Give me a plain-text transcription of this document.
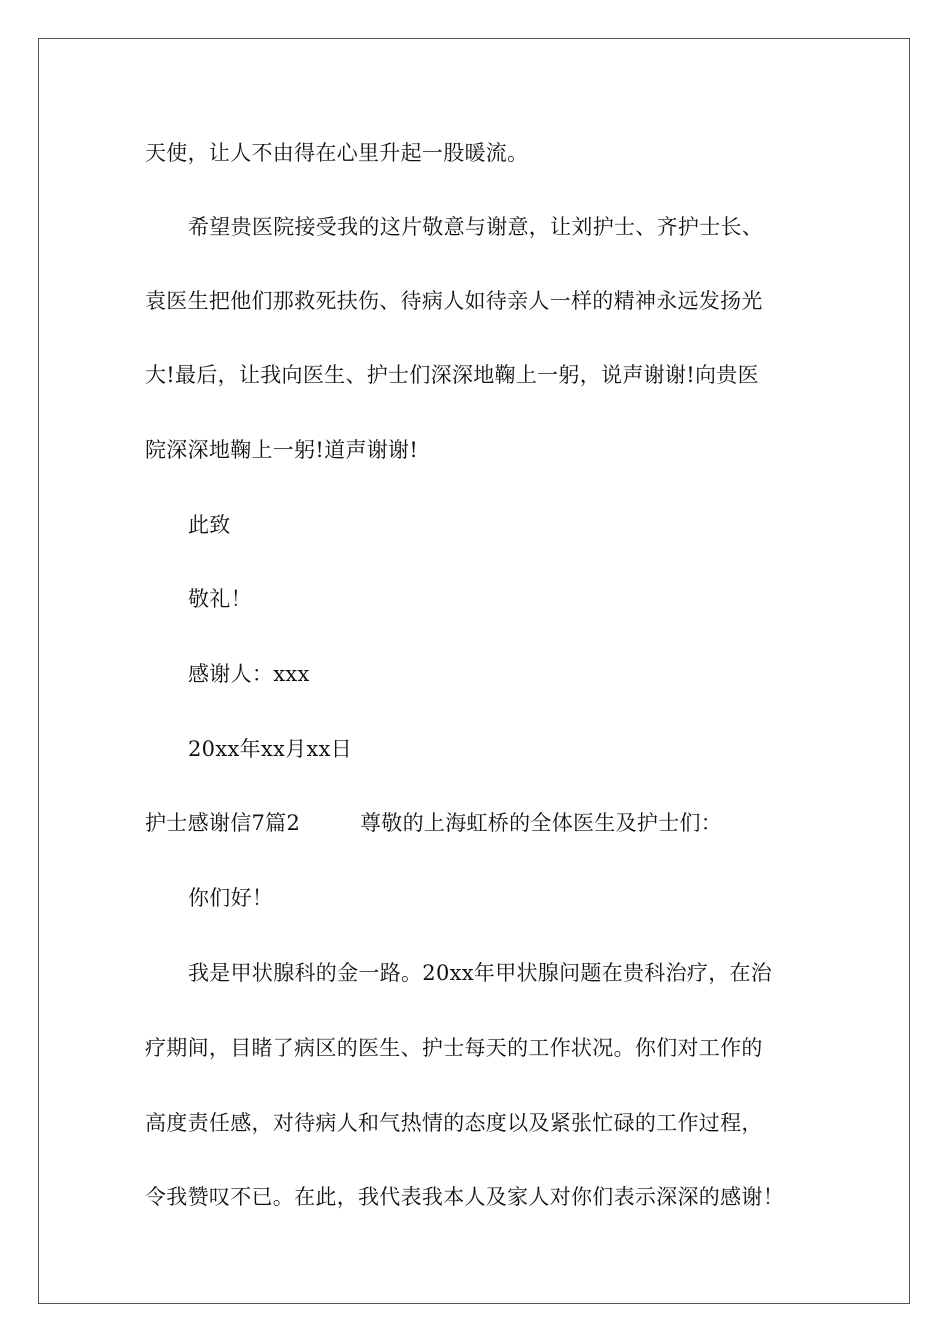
天使，让人不由得在心里升起一股暖流。
希望贵医院接受我的这片敬意与谢意，让刘护士、齐护士长、
袁医生把他们那救死扶伤、待病人如待亲人一样的精神永远发扬光
大!最后，让我向医生、护士们深深地鞠上一躬，说声谢谢!向贵医
院深深地鞠上一躬!道声谢谢!
此致
敬礼！
感谢人：xxx
20xx年xx月xx日
护士感谢信7篇2	尊敬的上海虹桥的全体医生及护士们：
你们好！
我是甲状腺科的金一路。20xx年甲状腺问题在贵科治疗，在治
疗期间，目睹了病区的医生、护士每天的工作状况。你们对工作的
高度责任感，对待病人和气热情的态度以及紧张忙碌的工作过程，
令我赞叹不已。在此，我代表我本人及家人对你们表示深深的感谢！
